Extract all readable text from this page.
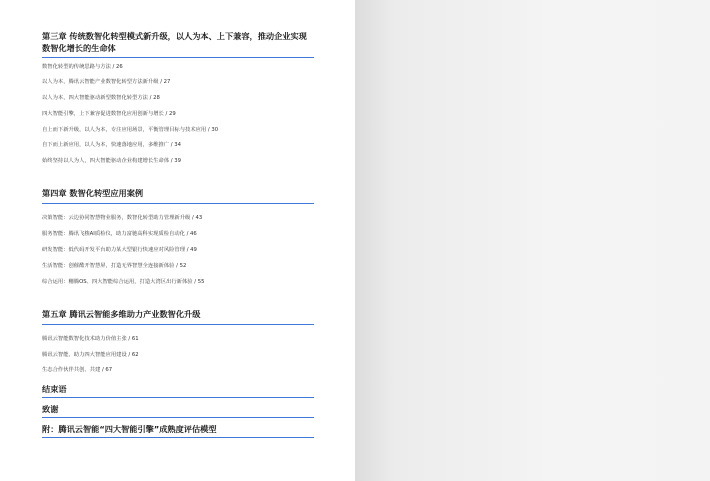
第三章 传统数智化转型模式新升级，以人为本、上下兼容，推动企业实现数智化增长的生命体
数智化转型的传统思路与方法 / 26
以人为本，腾讯云智能产业数智化转型方法新升级 / 27
以人为本，四大智能驱动新型数智化转型方法 / 28
四大智能引擎，上下兼容促进数智化应用创新与增长 / 29
自上而下新升级，以人为本，专注应用场景，平衡管理目标与技术应用 / 30
自下而上新应用，以人为本，快速落地应用，多维推广 / 34
始终坚持以人为人，四大智能驱动企业构建增长生命体 / 39
第四章 数智化转型应用案例
决策智能：云边协同智慧物业服务，数智化转型助力管理新升级 / 43
服务智能：腾讯飞梭AI质检仪，助力富驰高科实现质检自动化 / 46
研发智能：低代码开发平台助力某大型银行快速应对风险管理 / 49
生活智能：创催酷开智慧屏，打造无界智慧全连接新体验 / 52
综合运用：穗腾OS、四大智能综合运用，打造大湾区出行新体验 / 55
第五章 腾讯云智能多维助力产业数智化升级
腾讯云智能数智化技术助力价值主张 / 61
腾讯云智能、助力四大智能应用建设 / 62
生态合作伙伴共创、共建 / 67
结束语
致谢
附：腾讯云智能“四大智能引擎”成熟度评估模型
